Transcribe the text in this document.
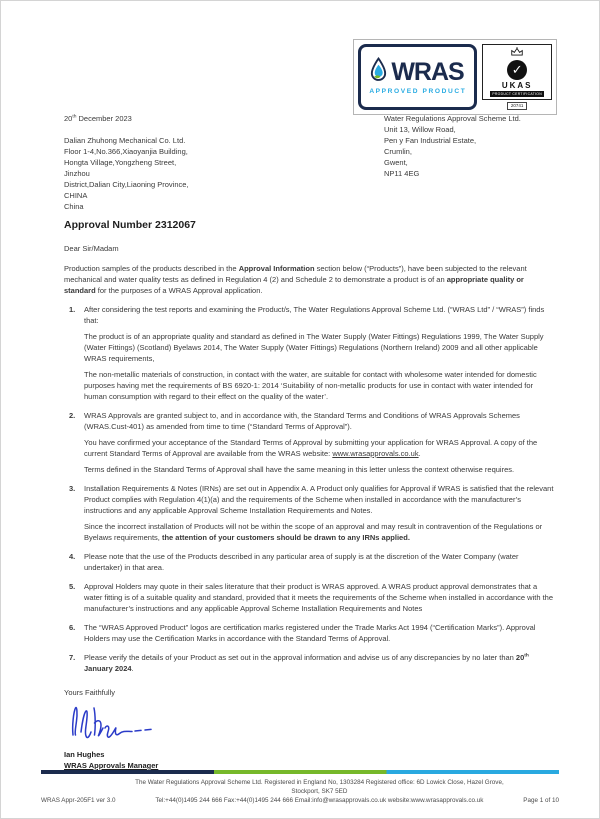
WRAS
APPROVED PRODUCT
✓
UKAS
PRODUCT CERTIFICATION
20741
20th December 2023
Dalian Zhuhong Mechanical Co. Ltd.
Floor 1-4,No.366,Xiaoyanjia Building,
Hongta Village,Yongzheng Street,
Jinzhou
District,Dalian City,Liaoning Province,
CHINA
China
Water Regulations Approval Scheme Ltd.
Unit 13, Willow Road,
Pen y Fan Industrial Estate,
Crumlin,
Gwent,
NP11 4EG
Approval Number 2312067
Dear Sir/Madam
Production samples of the products described in the Approval Information section below (“Products”), have been subjected to the relevant mechanical and water quality tests as defined in Regulation 4 (2) and Schedule 2 to demonstrate a product is of an appropriate quality or standard for the purposes of a WRAS Approval application.
1.	After considering the test reports and examining the Product/s, The Water Regulations Approval Scheme Ltd. (“WRAS Ltd” / “WRAS”) finds that:
The product is of an appropriate quality and standard as defined in The Water Supply (Water Fittings) Regulations 1999, The Water Supply (Water Fittings) (Scotland) Byelaws 2014, The Water Supply (Water Fittings) Regulations (Northern Ireland) 2009 and all other applicable WRAS requirements,
The non-metallic materials of construction, in contact with the water, are suitable for contact with wholesome water intended for domestic purposes having met the requirements of BS 6920-1: 2014 ‘Suitability of non-metallic products for use in contact with water intended for human consumption with regard to their effect on the quality of the water’.
2.	WRAS Approvals are granted subject to, and in accordance with, the Standard Terms and Conditions of WRAS Approvals Schemes (WRAS.Cust-401) as amended from time to time (“Standard Terms of Approval”).
You have confirmed your acceptance of the Standard Terms of Approval by submitting your application for WRAS Approval. A copy of the current Standard Terms of Approval are available from the WRAS website: www.wrasapprovals.co.uk.
Terms defined in the Standard Terms of Approval shall have the same meaning in this letter unless the context otherwise requires.
3.	Installation Requirements & Notes (IRNs) are set out in Appendix A. A Product only qualifies for Approval if WRAS is satisfied that the relevant Product complies with Regulation 4(1)(a) and the requirements of the Scheme when installed in accordance with the manufacturer’s instructions and any applicable Approval Scheme Installation Requirements and Notes.
Since the incorrect installation of Products will not be within the scope of an approval and may result in contravention of the Regulations or Byelaws requirements, the attention of your customers should be drawn to any IRNs applied.
4.	Please note that the use of the Products described in any particular area of supply is at the discretion of the Water Company (water undertaker) in that area.
5.	Approval Holders may quote in their sales literature that their product is WRAS approved. A WRAS product approval demonstrates that a water fitting is of a suitable quality and standard, provided that it meets the requirements of the Scheme when installed in accordance with the manufacturer’s instructions and any applicable Approval Scheme Installation Requirements and Notes
6.	The “WRAS Approved Product” logos are certification marks registered under the Trade Marks Act 1994 (“Certification Marks”). Approval Holders may use the Certification Marks in accordance with the Standard Terms of Approval.
7.	Please verify the details of your Product as set out in the approval information and advise us of any discrepancies by no later than 20th January 2024.
Yours Faithfully
Ian Hughes
WRAS Approvals Manager
WRAS Appr-205F1 ver 3.0
The Water Regulations Approval Scheme Ltd. Registered in England No, 1303284 Registered office: 6D Lowick Close, Hazel Grove, Stockport, SK7 5ED
Tel:+44(0)1495 244 666 Fax:+44(0)1495 244 666 Email:info@wrasapprovals.co.uk website:www.wrasapprovals.co.uk	Page 1 of 10
